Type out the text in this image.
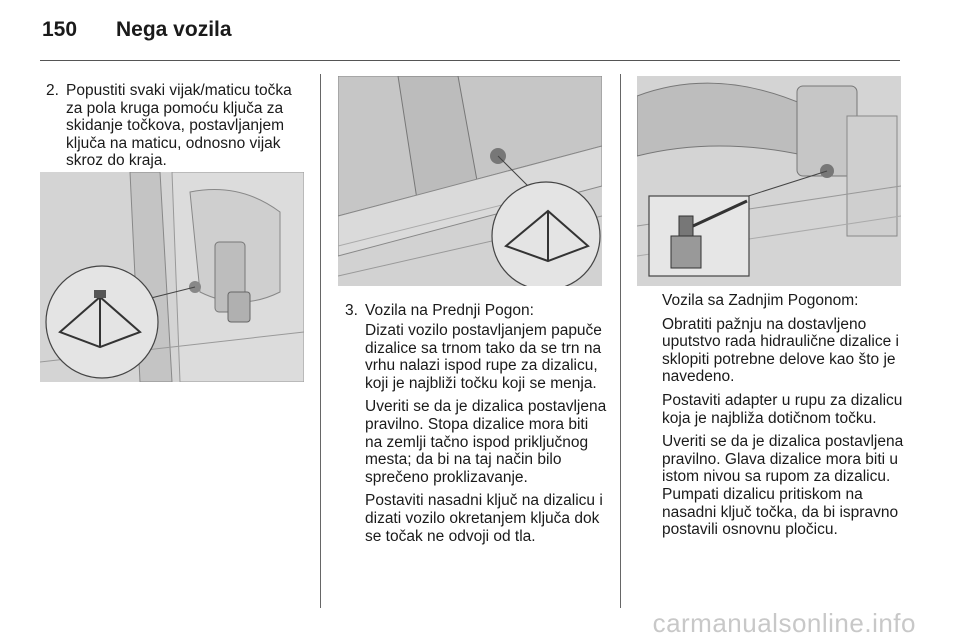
150 Nega vozila
2. Popustiti svaki vijak/maticu točka za pola kruga pomoću ključa za skidanje točkova, postavljanjem ključa na maticu, odnosno vijak skroz do kraja.
3. Vozila na Prednji Pogon:

Dizati vozilo postavljanjem papuče dizalice sa trnom tako da se trn na vrhu nalazi ispod rupe za dizalicu, koji je najbliži točku koji se menja.

Uveriti se da je dizalica postavljena pravilno. Stopa dizalice mora biti na zemlji tačno ispod priključnog mesta; da bi na taj način bilo sprečeno proklizavanje.

Postaviti nasadni ključ na dizalicu i dizati vozilo okretanjem ključa dok se točak ne odvoji od tla.

Vozila sa Zadnjim Pogonom:

Obratiti pažnju na dostavljeno uputstvo rada hidraulične dizalice i sklopiti potrebne delove kao što je navedeno.

Postaviti adapter u rupu za dizalicu koja je najbliža dotičnom točku.

Uveriti se da je dizalica postavljena pravilno. Glava dizalice mora biti u istom nivou sa rupom za dizalicu. Pumpati dizalicu pritiskom na nasadni ključ točka, da bi ispravno postavili osnovnu pločicu.

carmanualsonline.info
